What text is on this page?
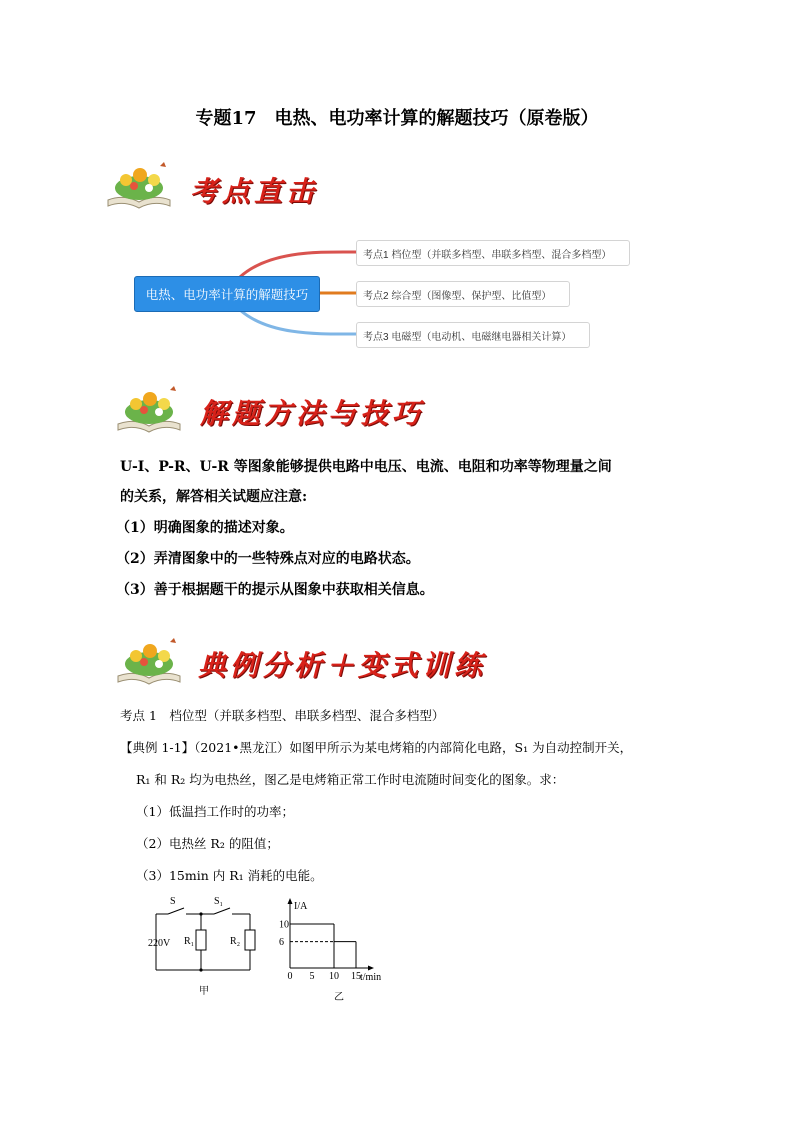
专题17　电热、电功率计算的解题技巧（原卷版）
考点直击
电热、电功率计算的解题技巧
考点1 档位型（并联多档型、串联多档型、混合多档型）
考点2 综合型（图像型、保护型、比值型）
考点3 电磁型（电动机、电磁继电器相关计算）
解题方法与技巧
U-I、P-R、U-R 等图象能够提供电路中电压、电流、电阻和功率等物理量之间
的关系，解答相关试题应注意:
（1）明确图象的描述对象。
（2）弄清图象中的一些特殊点对应的电路状态。
（3）善于根据题干的提示从图象中获取相关信息。
典例分析＋变式训练
考点 1　档位型（并联多档型、串联多档型、混合多档型）
【典例 1-1】（2021•黑龙江）如图甲所示为某电烤箱的内部简化电路，S₁ 为自动控制开关，
R₁ 和 R₂ 均为电热丝，图乙是电烤箱正常工作时电流随时间变化的图象。求：
（1）低温挡工作时的功率；
（2）电热丝 R₂ 的阻值；
（3）15min 内 R₁ 消耗的电能。
S	S₁
220V R₁	R₂
甲
I/A
t/min
乙
10
6
0 5 10 15
